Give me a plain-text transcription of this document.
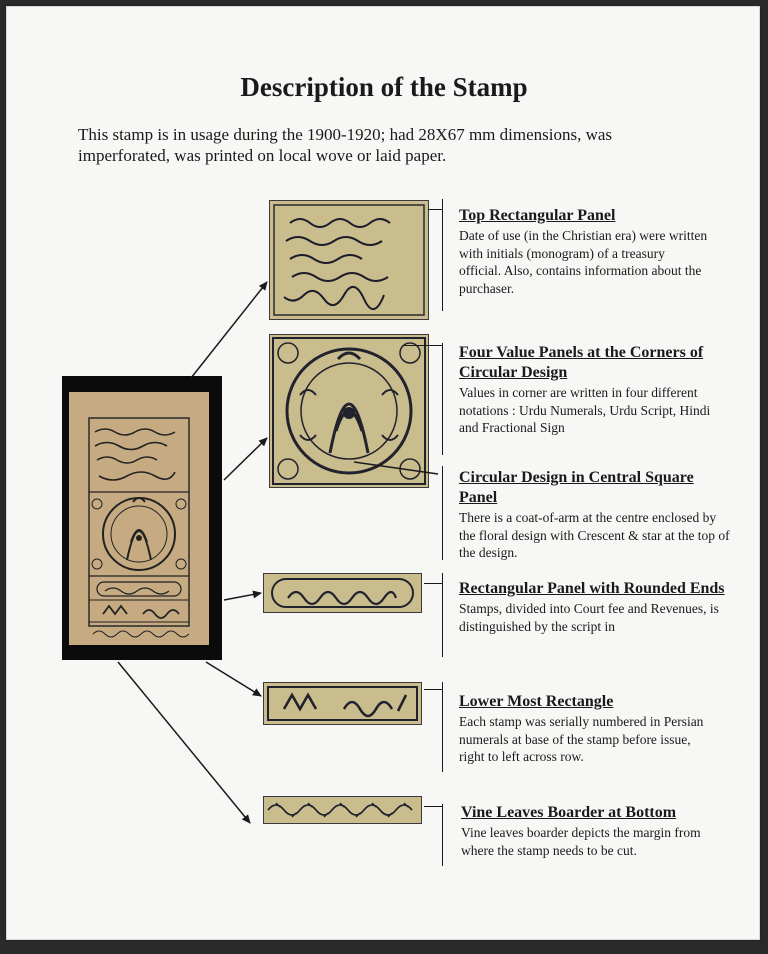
Description of the Stamp
This stamp is in usage during the 1900-1920; had 28X67 mm dimensions, was imperforated, was printed on local wove or laid paper.
Top Rectangular Panel
Date of use (in the Christian era) were written with initials (monogram) of a treasury official. Also, contains information about the purchaser.
Four Value Panels at the Corners of Circular Design
Values in corner are written in four different notations : Urdu Numerals, Urdu Script, Hindi and Fractional Sign
Circular Design in Central Square Panel
There is a coat-of-arm at the centre enclosed by the floral design with Crescent & star at the top of the design.
Rectangular Panel with Rounded Ends
Stamps, divided into Court fee and Revenues, is distinguished by the script in
Lower Most Rectangle
Each stamp was serially numbered in Persian numerals at base of the stamp before issue, right to left across row.
Vine Leaves Boarder at Bottom
Vine leaves boarder depicts the margin from where the stamp needs to be cut.
